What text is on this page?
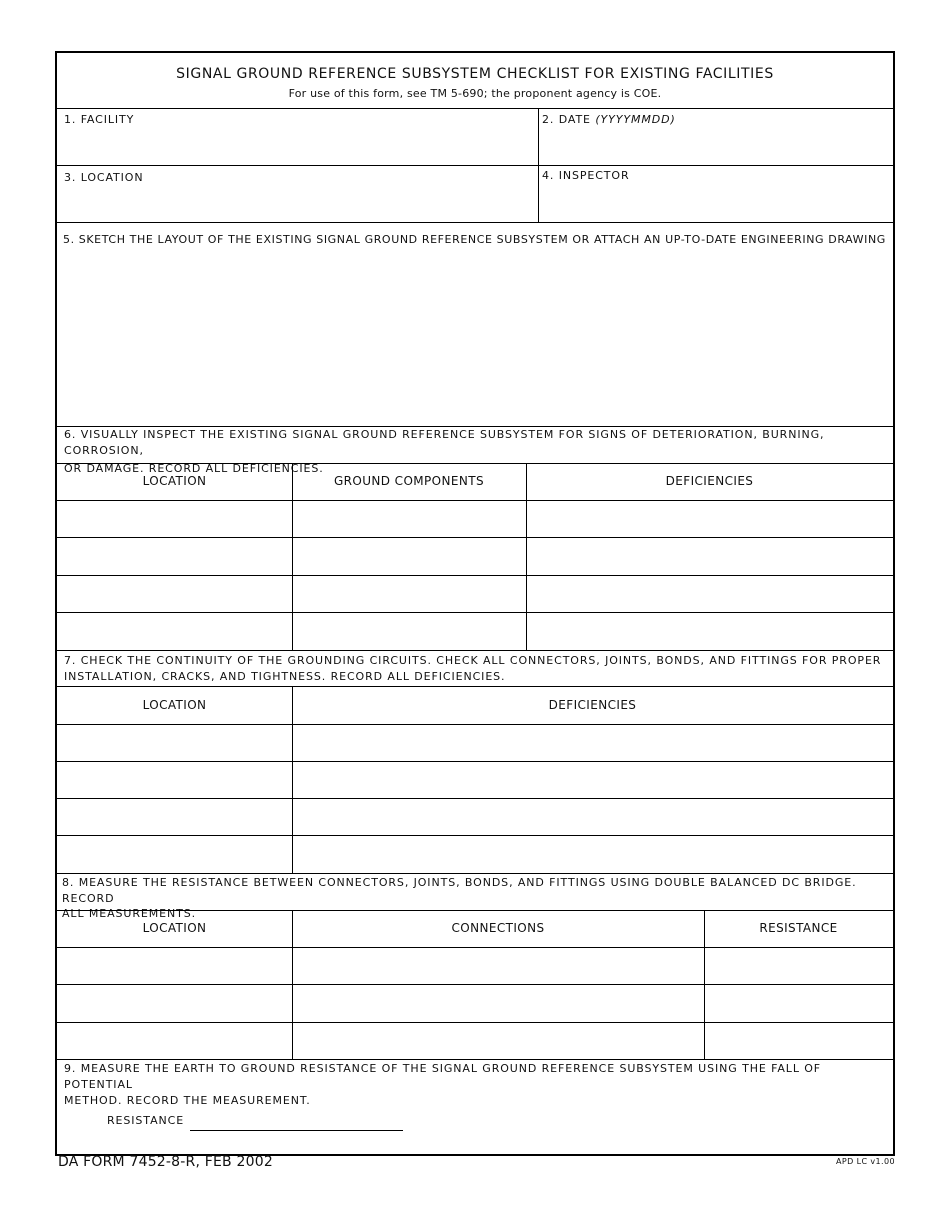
SIGNAL GROUND REFERENCE SUBSYSTEM CHECKLIST FOR EXISTING FACILITIES
For use of this form, see TM 5-690; the proponent agency is COE.
1. FACILITY	2. DATE (YYYYMMDD)
3. LOCATION	4. INSPECTOR
5. SKETCH THE LAYOUT OF THE EXISTING SIGNAL GROUND REFERENCE SUBSYSTEM OR ATTACH AN UP-TO-DATE ENGINEERING DRAWING
6. VISUALLY INSPECT THE EXISTING SIGNAL GROUND REFERENCE SUBSYSTEM FOR SIGNS OF DETERIORATION, BURNING, CORROSION,
OR DAMAGE. RECORD ALL DEFICIENCIES.
LOCATION	GROUND COMPONENTS	DEFICIENCIES
7. CHECK THE CONTINUITY OF THE GROUNDING CIRCUITS. CHECK ALL CONNECTORS, JOINTS, BONDS, AND FITTINGS FOR PROPER
INSTALLATION, CRACKS, AND TIGHTNESS. RECORD ALL DEFICIENCIES.
LOCATION	DEFICIENCIES
8. MEASURE THE RESISTANCE BETWEEN CONNECTORS, JOINTS, BONDS, AND FITTINGS USING DOUBLE BALANCED DC BRIDGE. RECORD
ALL MEASUREMENTS.
LOCATION	CONNECTIONS	RESISTANCE
9. MEASURE THE EARTH TO GROUND RESISTANCE OF THE SIGNAL GROUND REFERENCE SUBSYSTEM USING THE FALL OF POTENTIAL
METHOD. RECORD THE MEASUREMENT.
RESISTANCE
DA FORM 7452-8-R, FEB 2002	APD LC v1.00
